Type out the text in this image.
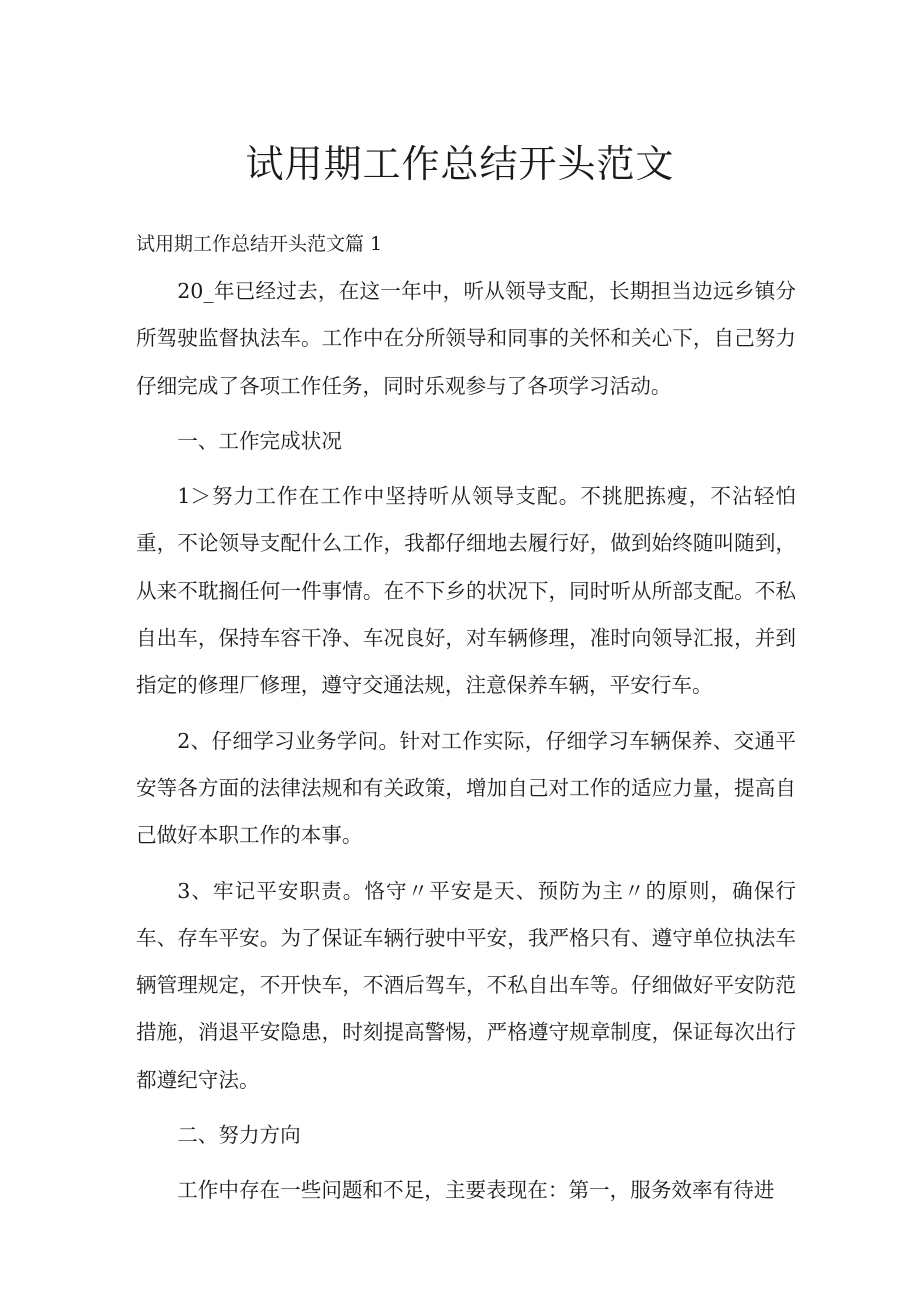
试用期工作总结开头范文

试用期工作总结开头范文篇 1

20_年已经过去，在这一年中，听从领导支配，长期担当边远乡镇分所驾驶监督执法车。工作中在分所领导和同事的关怀和关心下，自己努力仔细完成了各项工作任务，同时乐观参与了各项学习活动。

一、工作完成状况

1＞努力工作在工作中坚持听从领导支配。不挑肥拣瘦，不沾轻怕重，不论领导支配什么工作，我都仔细地去履行好，做到始终随叫随到，从来不耽搁任何一件事情。在不下乡的状况下，同时听从所部支配。不私自出车，保持车容干净、车况良好，对车辆修理，准时向领导汇报，并到指定的修理厂修理，遵守交通法规，注意保养车辆，平安行车。

2、仔细学习业务学问。针对工作实际，仔细学习车辆保养、交通平安等各方面的法律法规和有关政策，增加自己对工作的适应力量，提高自己做好本职工作的本事。

3、牢记平安职责。恪守〃平安是天、预防为主〃的原则，确保行车、存车平安。为了保证车辆行驶中平安，我严格只有、遵守单位执法车辆管理规定，不开快车，不酒后驾车，不私自出车等。仔细做好平安防范措施，消退平安隐患，时刻提高警惕，严格遵守规章制度，保证每次出行都遵纪守法。

二、努力方向

工作中存在一些问题和不足，主要表现在：第一，服务效率有待进
